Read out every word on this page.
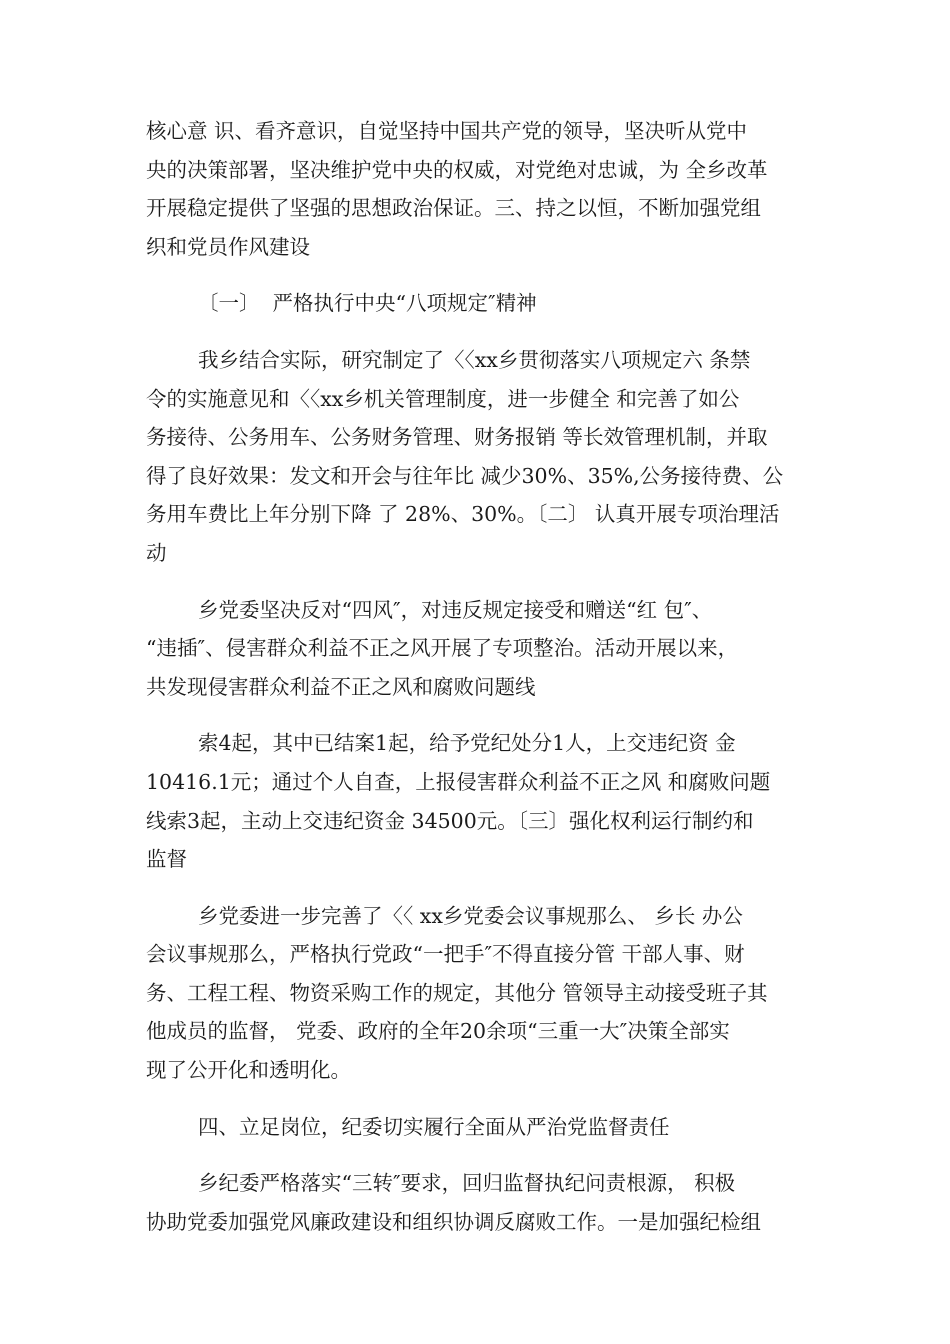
核心意 识、看齐意识，自觉坚持中国共产党的领导，坚决听从党中
央的决策部署，坚决维护党中央的权威，对党绝对忠诚，为 全乡改革
开展稳定提供了坚强的思想政治保证。三、持之以恒，不断加强党组
织和党员作风建设

〔一〕  严格执行中央“八项规定″精神

我乡结合实际，研究制定了〈〈xx乡贯彻落实八项规定六 条禁
令的实施意见和〈〈xx乡机关管理制度，进一步健全 和完善了如公
务接待、公务用车、公务财务管理、财务报销 等长效管理机制，并取
得了良好效果：发文和开会与往年比 减少30%、35%,公务接待费、公
务用车费比上年分别下降 了 28%、30%。〔二〕 认真开展专项治理活
动

乡党委坚决反对“四风″，对违反规定接受和赠送“红 包″、
“违插″、侵害群众利益不正之风开展了专项整治。活动开展以来，
共发现侵害群众利益不正之风和腐败问题线

索4起，其中已结案1起，给予党纪处分1人，上交违纪资 金
10416.1元；通过个人自查，上报侵害群众利益不正之风 和腐败问题
线索3起，主动上交违纪资金 34500元。〔三〕强化权利运行制约和
监督

乡党委进一步完善了〈〈 xx乡党委会议事规那么、 乡长 办公
会议事规那么，严格执行党政“一把手″不得直接分管 干部人事、财
务、工程工程、物资采购工作的规定，其他分 管领导主动接受班子其
他成员的监督， 党委、政府的全年20余项“三重一大″决策全部实
现了公开化和透明化。

四、立足岗位，纪委切实履行全面从严治党监督责任

乡纪委严格落实“三转″要求，回归监督执纪问责根源， 积极
协助党委加强党风廉政建设和组织协调反腐败工作。一是加强纪检组
